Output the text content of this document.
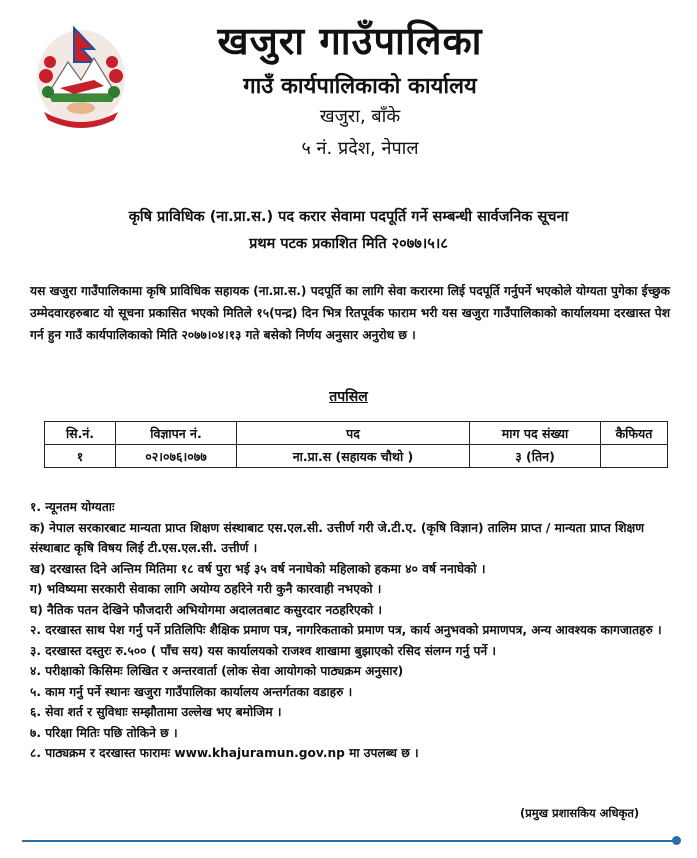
खजुरा गाउँपालिका
गाउँ कार्यपालिकाको कार्यालय
खजुरा, बाँके
५ नं. प्रदेश, नेपाल
कृषि प्राविधिक (ना.प्रा.स.) पद करार सेवामा पदपूर्ति गर्ने सम्बन्धी सार्वजनिक सूचना
प्रथम पटक प्रकाशित मिति २०७७।५।८
यस खजुरा गाउँपालिकामा कृषि प्राविधिक सहायक (ना.प्रा.स.) पदपूर्ति का लागि सेवा करारमा लिई पदपूर्ति गर्नुपर्ने भएकोले योग्यता पुगेका ईच्छुक उम्मेदवारहरुबाट यो सूचना प्रकासित भएको मितिले १५(पन्द्र) दिन भित्र रितपूर्वक फाराम भरी यस खजुरा गाउँपालिकाको कार्यालयमा दरखास्त पेश गर्न हुन गाउँ कार्यपालिकाको मिति २०७७।०४।१३ गते बसेको निर्णय अनुसार अनुरोध छ ।
तपसिल
सि.नं.	विज्ञापन नं.	पद	माग पद संख्या	कैफियत
१	०२।०७६।०७७	ना.प्रा.स (सहायक चौथो )	३ (तिन)	
१. न्यूनतम योग्यताः
क) नेपाल सरकारबाट मान्यता प्राप्त शिक्षण संस्थाबाट एस.एल.सी. उत्तीर्ण गरी जे.टी.ए. (कृषि विज्ञान) तालिम प्राप्त / मान्यता प्राप्त शिक्षण संस्थाबाट कृषि विषय लिई टी.एस.एल.सी. उत्तीर्ण ।
ख) दरखास्त दिने अन्तिम मितिमा १८ वर्ष पुरा भई ३५ वर्ष ननाघेको महिलाको हकमा ४० वर्ष ननाघेको ।
ग) भविष्यमा सरकारी सेवाका लागि अयोग्य ठहरिने गरी कुनै कारवाही नभएको ।
घ) नैतिक पतन देखिने फौजदारी अभियोगमा अदालतबाट कसुरदार नठहरिएको ।
२. दरखास्त साथ पेश गर्नु पर्ने प्रतिलिपिः शैक्षिक प्रमाण पत्र, नागरिकताको प्रमाण पत्र, कार्य अनुभवको प्रमाणपत्र, अन्य आवश्यक कागजातहरु ।
३. दरखास्त दस्तुरः रु.५०० ( पाँच सय) यस कार्यालयको राजश्व शाखामा बुझाएको रसिद संलग्न गर्नु पर्ने ।
४. परीक्षाको किसिमः लिखित र अन्तरवार्ता (लोक सेवा आयोगको पाठ्यक्रम अनुसार)
५. काम गर्नु पर्ने स्थानः खजुरा गाउँपालिका कार्यालय अन्तर्गतका वडाहरु ।
६. सेवा शर्त र सुविधाः सम्झौतामा उल्लेख भए बमोजिम ।
७. परिक्षा मितिः पछि तोकिने छ ।
८. पाठ्यक्रम र दरखास्त फारामः www.khajuramun.gov.np मा उपलब्ध छ ।
(प्रमुख प्रशासकिय अधिकृत)
